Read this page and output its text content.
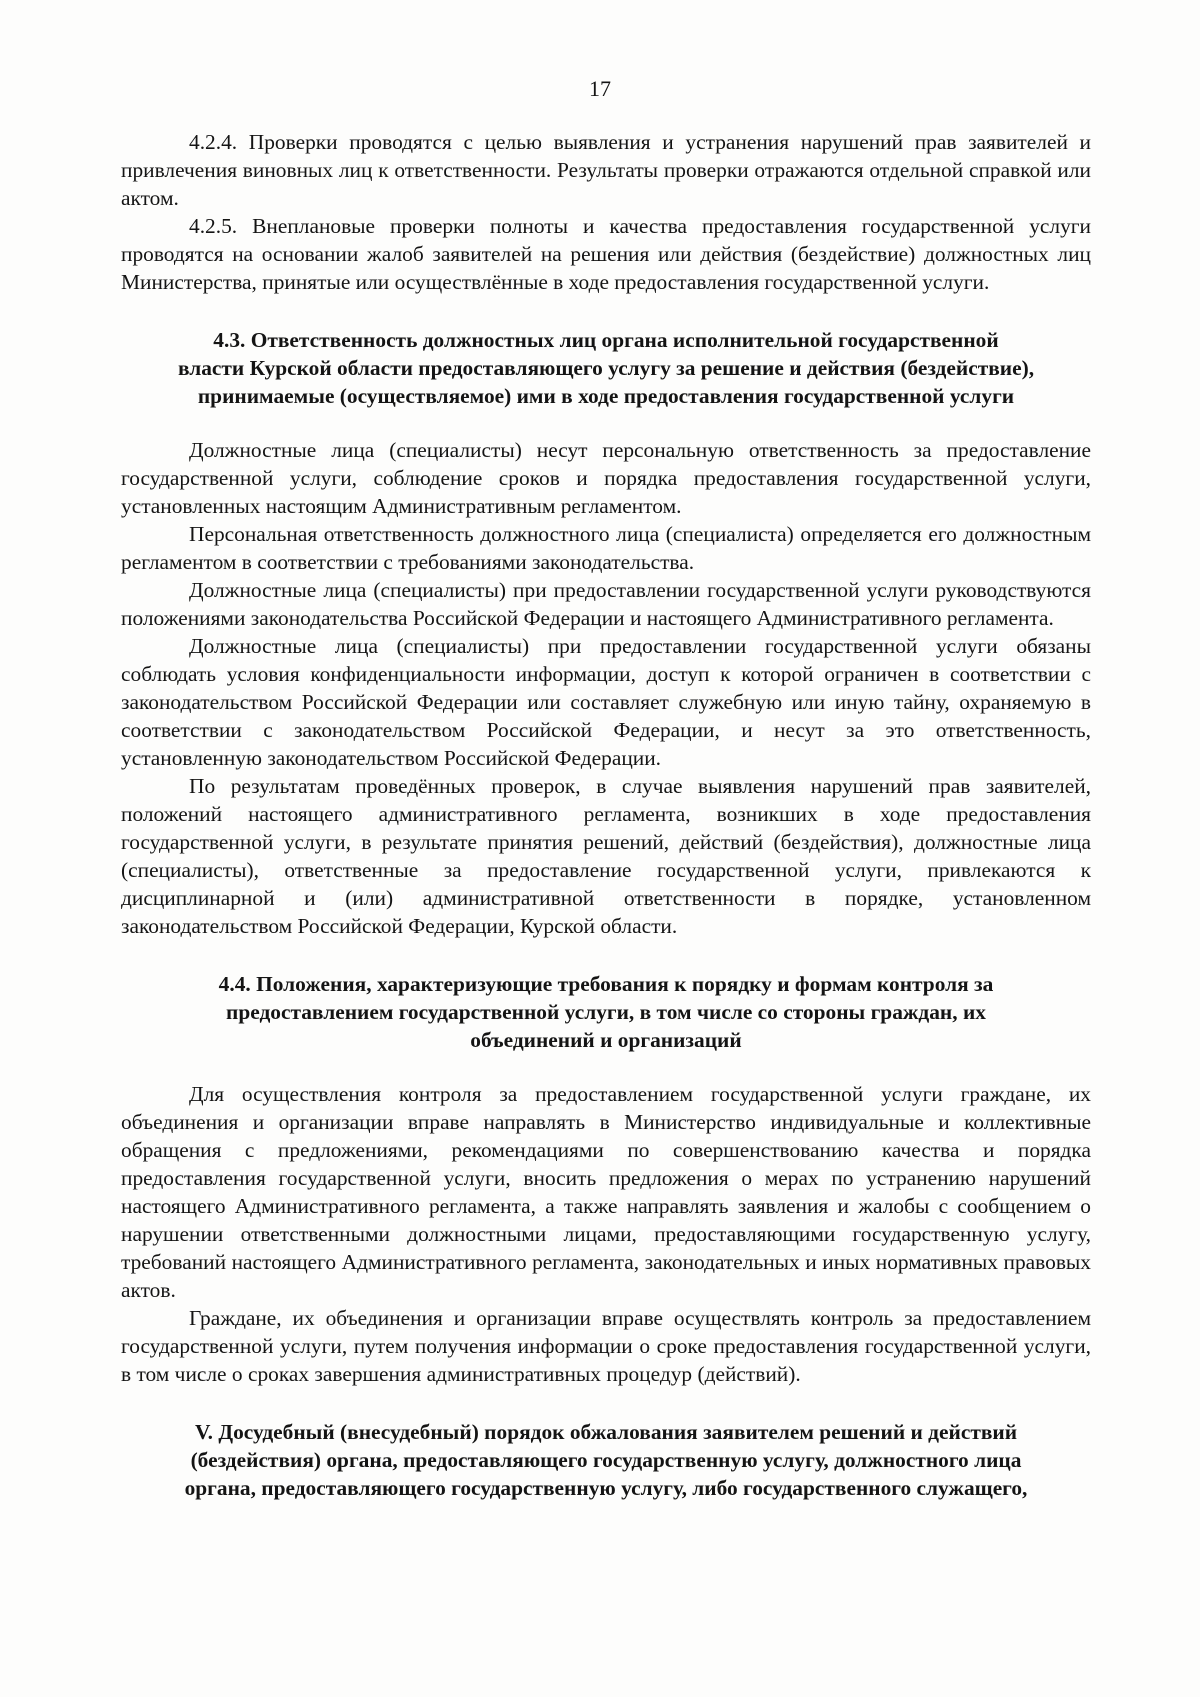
17

4.2.4. Проверки проводятся с целью выявления и устранения нарушений прав заявителей и привлечения виновных лиц к ответственности. Результаты проверки отражаются отдельной справкой или актом.

4.2.5. Внеплановые проверки полноты и качества предоставления государственной услуги проводятся на основании жалоб заявителей на решения или действия (бездействие) должностных лиц Министерства, принятые или осуществлённые в ходе предоставления государственной услуги.

4.3. Ответственность должностных лиц органа исполнительной государственной
власти Курской области предоставляющего услугу за решение и действия (бездействие),
принимаемые (осуществляемое) ими в ходе предоставления государственной услуги

Должностные лица (специалисты) несут персональную ответственность за предоставление государственной услуги, соблюдение сроков и порядка предоставления государственной услуги, установленных настоящим Административным регламентом.

Персональная ответственность должностного лица (специалиста) определяется его должностным регламентом в соответствии с требованиями законодательства.

Должностные лица (специалисты) при предоставлении государственной услуги руководствуются положениями законодательства Российской Федерации и настоящего Административного регламента.

Должностные лица (специалисты) при предоставлении государственной услуги обязаны соблюдать условия конфиденциальности информации, доступ к которой ограничен в соответствии с законодательством Российской Федерации или составляет служебную или иную тайну, охраняемую в соответствии с законодательством Российской Федерации, и несут за это ответственность, установленную законодательством Российской Федерации.

По результатам проведённых проверок, в случае выявления нарушений прав заявителей, положений настоящего административного регламента, возникших в ходе предоставления государственной услуги, в результате принятия решений, действий (бездействия), должностные лица (специалисты), ответственные за предоставление государственной услуги, привлекаются к дисциплинарной и (или) административной ответственности в порядке, установленном законодательством Российской Федерации, Курской области.

4.4. Положения, характеризующие требования к порядку и формам контроля за
предоставлением государственной услуги, в том числе со стороны граждан, их
объединений и организаций

Для осуществления контроля за предоставлением государственной услуги граждане, их объединения и организации вправе направлять в Министерство индивидуальные и коллективные обращения с предложениями, рекомендациями по совершенствованию качества и порядка предоставления государственной услуги, вносить предложения о мерах по устранению нарушений настоящего Административного регламента, а также направлять заявления и жалобы с сообщением о нарушении ответственными должностными лицами, предоставляющими государственную услугу, требований настоящего Административного регламента, законодательных и иных нормативных правовых актов.

Граждане, их объединения и организации вправе осуществлять контроль за предоставлением государственной услуги, путем получения информации о сроке предоставления государственной услуги, в том числе о сроках завершения административных процедур (действий).

V. Досудебный (внесудебный) порядок обжалования заявителем решений и действий
(бездействия) органа, предоставляющего государственную услугу, должностного лица
органа, предоставляющего государственную услугу, либо государственного служащего,
